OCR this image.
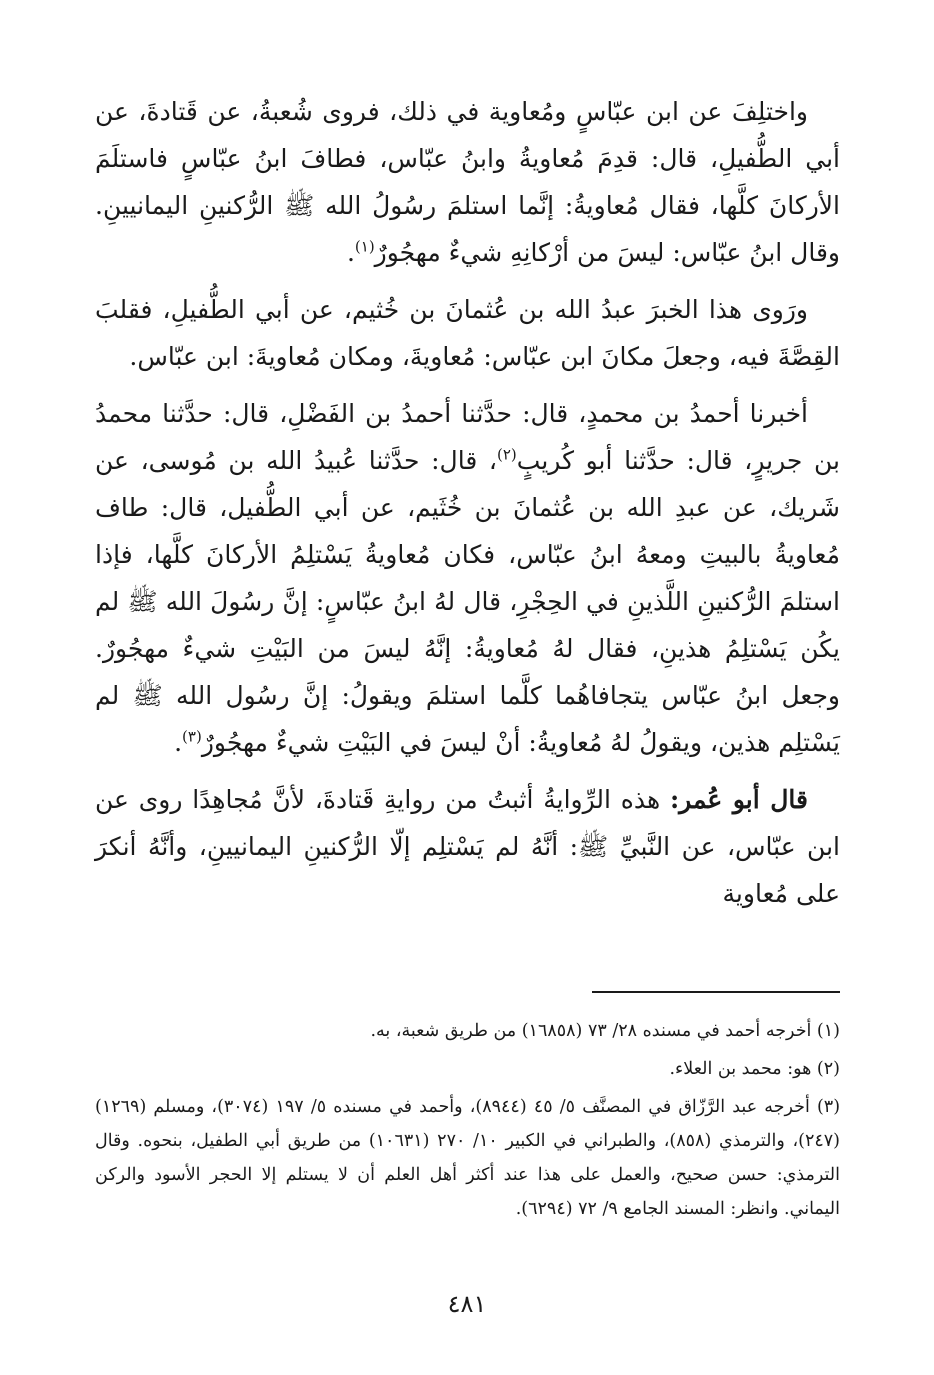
واختلِفَ عن ابن عبّاسٍ ومُعاوية في ذلك، فروى شُعبةُ، عن قَتادةَ، عن أبي الطُّفيلِ، قال: قدِمَ مُعاويةُ وابنُ عبّاس، فطافَ ابنُ عبّاسٍ فاستلَمَ الأركانَ كلَّها، فقال مُعاويةُ: إنَّما استلمَ رسُولُ الله ﷺ الرُّكنينِ اليمانيينِ. وقال ابنُ عبّاس: ليسَ من أرْكانِهِ شيءٌ مهجُورٌ$^{(١)}$.

ورَوى هذا الخبرَ عبدُ الله بن عُثمانَ بن خُثيم، عن أبي الطُّفيلِ، فقلبَ القِصَّةَ فيه، وجعلَ مكانَ ابن عبّاس: مُعاويةَ، ومكان مُعاويةَ: ابن عبّاس.

أخبرنا أحمدُ بن محمدٍ، قال: حدَّثنا أحمدُ بن الفَضْلِ، قال: حدَّثنا محمدُ بن جريرٍ، قال: حدَّثنا أبو كُريبٍ$^{(٢)}$، قال: حدَّثنا عُبيدُ الله بن مُوسى، عن شَريك، عن عبدِ الله بن عُثمانَ بن خُثَيم، عن أبي الطُّفيل، قال: طاف مُعاويةُ بالبيتِ ومعهُ ابنُ عبّاس، فكان مُعاويةُ يَسْتلِمُ الأركانَ كلَّها، فإذا استلمَ الرُّكنينِ اللَّذينِ في الحِجْرِ، قال لهُ ابنُ عبّاسٍ: إنَّ رسُولَ الله ﷺ لم يكُن يَسْتلِمُ هذينِ، فقال لهُ مُعاويةُ: إنَّهُ ليسَ من البَيْتِ شيءٌ مهجُورٌ. وجعل ابنُ عبّاس يتجافاهُما كلَّما استلمَ ويقولُ: إنَّ رسُول الله ﷺ لم يَسْتلِم هذين، ويقولُ لهُ مُعاويةُ: أنْ ليسَ في البَيْتِ شيءٌ مهجُورٌ$^{(٣)}$.

قال أبو عُمر: هذه الرِّوايةُ أثبتُ من روايةِ قَتادةَ، لأنَّ مُجاهِدًا روى عن ابن عبّاس، عن النَّبيِّ ﷺ: أنَّهُ لم يَسْتلِم إلّا الرُّكنينِ اليمانيينِ، وأنَّهُ أنكرَ على مُعاوية

(١) أخرجه أحمد في مسنده ٢٨/ ٧٣ (١٦٨٥٨) من طريق شعبة، به.

(٢) هو: محمد بن العلاء.

(٣) أخرجه عبد الرَّزّاق في المصنَّف ٥/ ٤٥ (٨٩٤٤)، وأحمد في مسنده ٥/ ١٩٧ (٣٠٧٤)، ومسلم (١٢٦٩) (٢٤٧)، والترمذي (٨٥٨)، والطبراني في الكبير ١٠/ ٢٧٠ (١٠٦٣١) من طريق أبي الطفيل، بنحوه. وقال الترمذي: حسن صحيح، والعمل على هذا عند أكثر أهل العلم أن لا يستلم إلا الحجر الأسود والركن اليماني. وانظر: المسند الجامع ٩/ ٧٢ (٦٢٩٤).

٤٨١
